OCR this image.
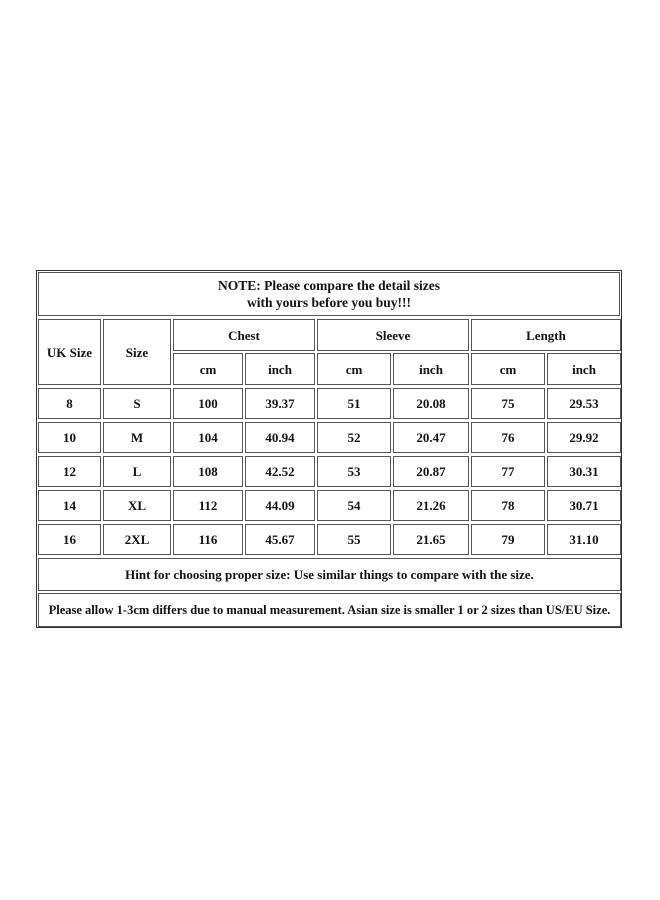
NOTE: Please compare the detail sizes
with yours before you buy!!!
UK Size	Size
Chest	Sleeve	Length
cm	inch	cm	inch	cm	inch
8	S	100	39.37	51	20.08	75	29.53
10	M	104	40.94	52	20.47	76	29.92
12	L	108	42.52	53	20.87	77	30.31
14	XL	112	44.09	54	21.26	78	30.71
16	2XL	116	45.67	55	21.65	79	31.10
Hint for choosing proper size: Use similar things to compare with the size.
Please allow 1-3cm differs due to manual measurement. Asian size is smaller 1 or 2 sizes than US/EU Size.
